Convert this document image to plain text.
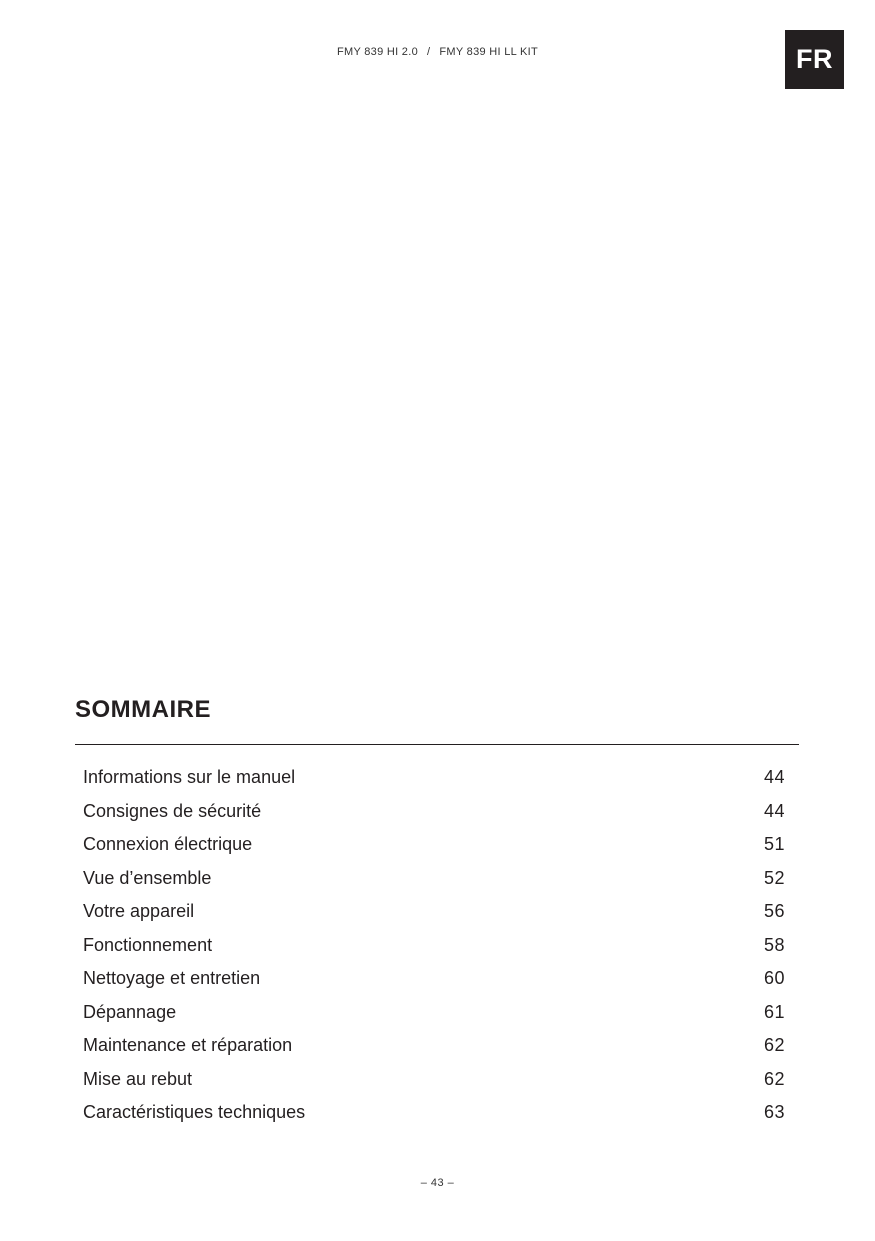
FMY 839 HI 2.0 / FMY 839 HI LL KIT	FR
SOMMAIRE
Informations sur le manuel	44
Consignes de sécurité	44
Connexion électrique	51
Vue d’ensemble	52
Votre appareil	56
Fonctionnement	58
Nettoyage et entretien	60
Dépannage	61
Maintenance et réparation	62
Mise au rebut	62
Caractéristiques techniques	63
– 43 –
